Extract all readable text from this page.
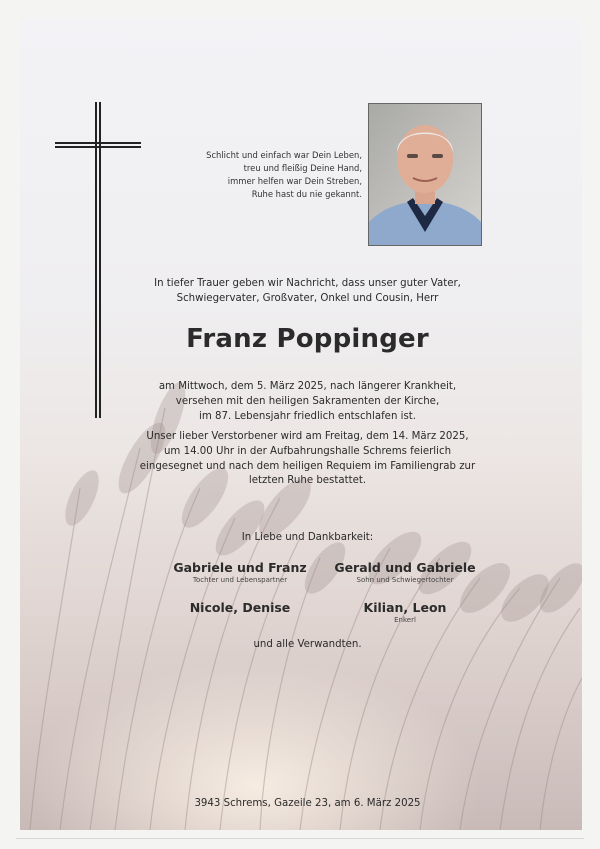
Schlicht und einfach war Dein Leben,
treu und fleißig Deine Hand,
immer helfen war Dein Streben,
Ruhe hast du nie gekannt.
In tiefer Trauer geben wir Nachricht, dass unser guter Vater,
Schwiegervater, Großvater, Onkel und Cousin, Herr
Franz Poppinger
am Mittwoch, dem 5. März 2025, nach längerer Krankheit,
versehen mit den heiligen Sakramenten der Kirche,
im 87. Lebensjahr friedlich entschlafen ist.
Unser lieber Verstorbener wird am Freitag, dem 14. März 2025,
um 14.00 Uhr in der Aufbahrungshalle Schrems feierlich
eingesegnet und nach dem heiligen Requiem im Familiengrab zur
letzten Ruhe bestattet.
In Liebe und Dankbarkeit:
Gabriele und Franz
Tochter und Lebenspartner
Gerald und Gabriele
Sohn und Schwiegertochter
Nicole, Denise	Kilian, Leon
Enkerl
und alle Verwandten.
3943 Schrems, Gazeile 23, am 6. März 2025
